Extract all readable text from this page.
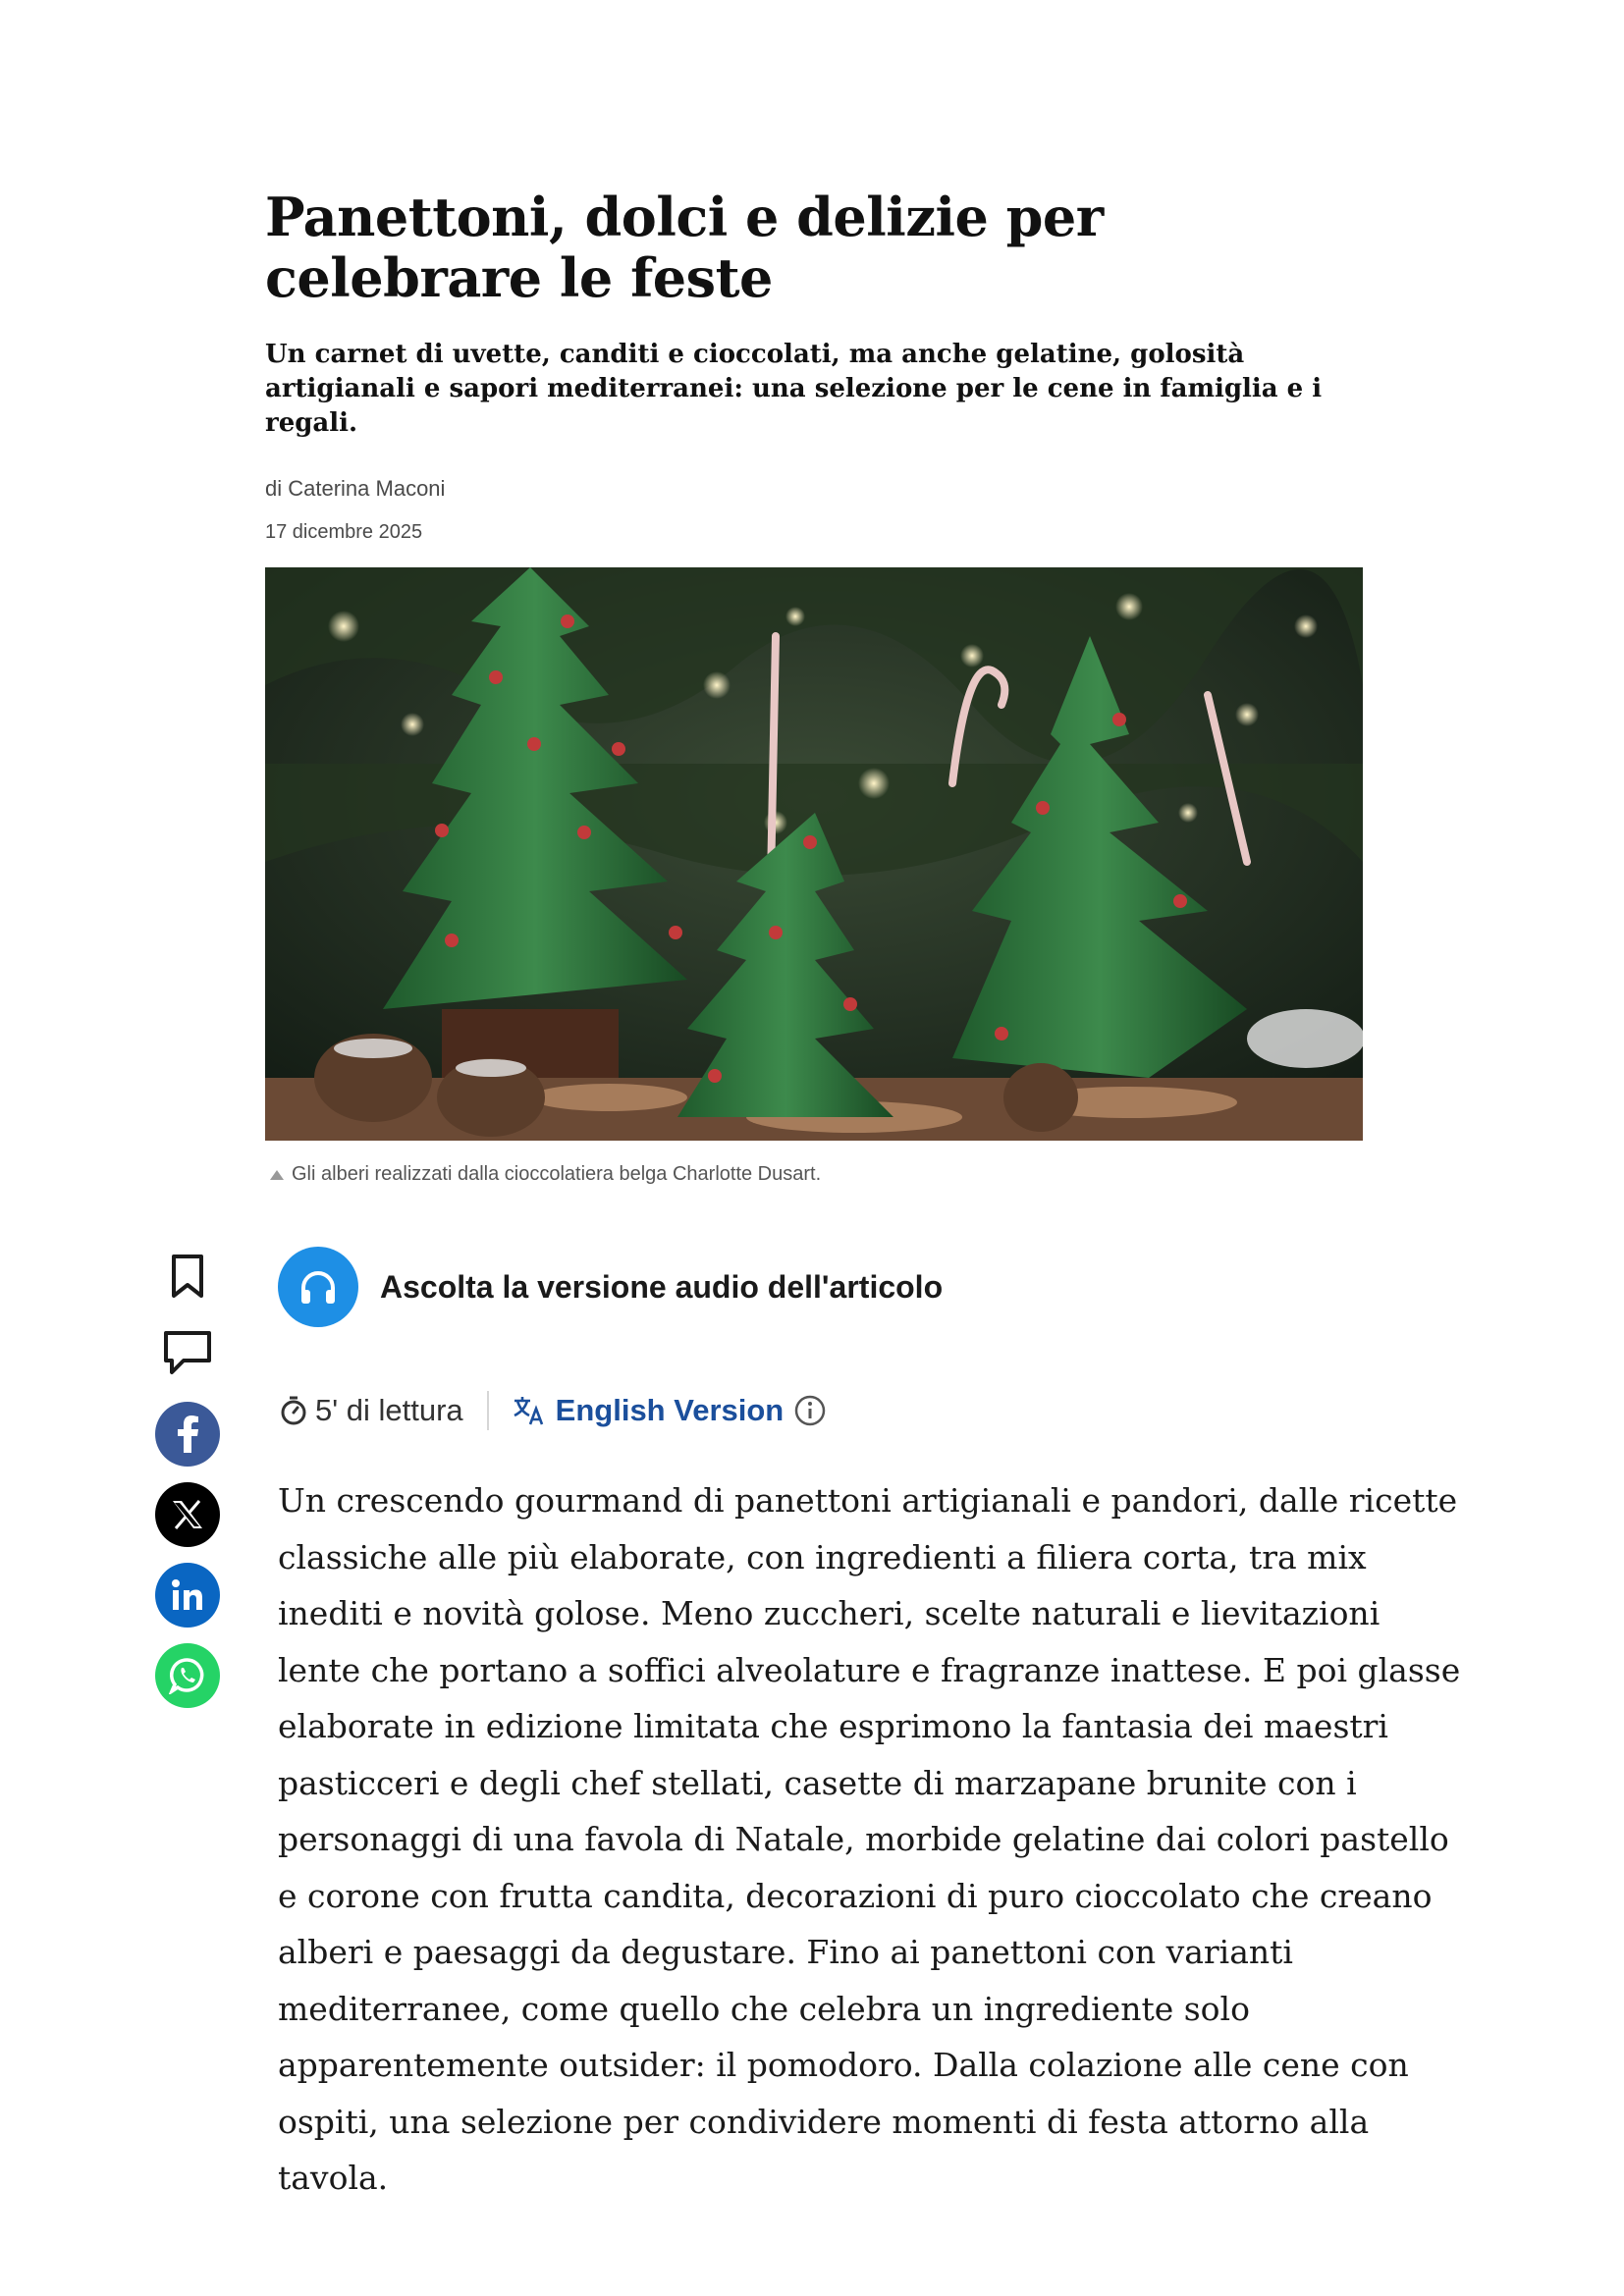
Panettoni, dolci e delizie per celebrare le feste

Un carnet di uvette, canditi e cioccolati, ma anche gelatine, golosità artigianali e sapori mediterranei: una selezione per le cene in famiglia e i regali.

di Caterina Maconi
17 dicembre 2025
Gli alberi realizzati dalla cioccolatiera belga Charlotte Dusart.
Ascolta la versione audio dell'articolo
5' di lettura	English Version

Un crescendo gourmand di panettoni artigianali e pandori, dalle ricette classiche alle più elaborate, con ingredienti a filiera corta, tra mix inediti e novità golose. Meno zuccheri, scelte naturali e lievitazioni lente che portano a soffici alveolature e fragranze inattese. E poi glasse elaborate in edizione limitata che esprimono la fantasia dei maestri pasticceri e degli chef stellati, casette di marzapane brunite con i personaggi di una favola di Natale, morbide gelatine dai colori pastello e corone con frutta candita, decorazioni di puro cioccolato che creano alberi e paesaggi da degustare. Fino ai panettoni con varianti mediterranee, come quello che celebra un ingrediente solo apparentemente outsider: il pomodoro. Dalla colazione alle cene con ospiti, una selezione per condividere momenti di festa attorno alla tavola.
